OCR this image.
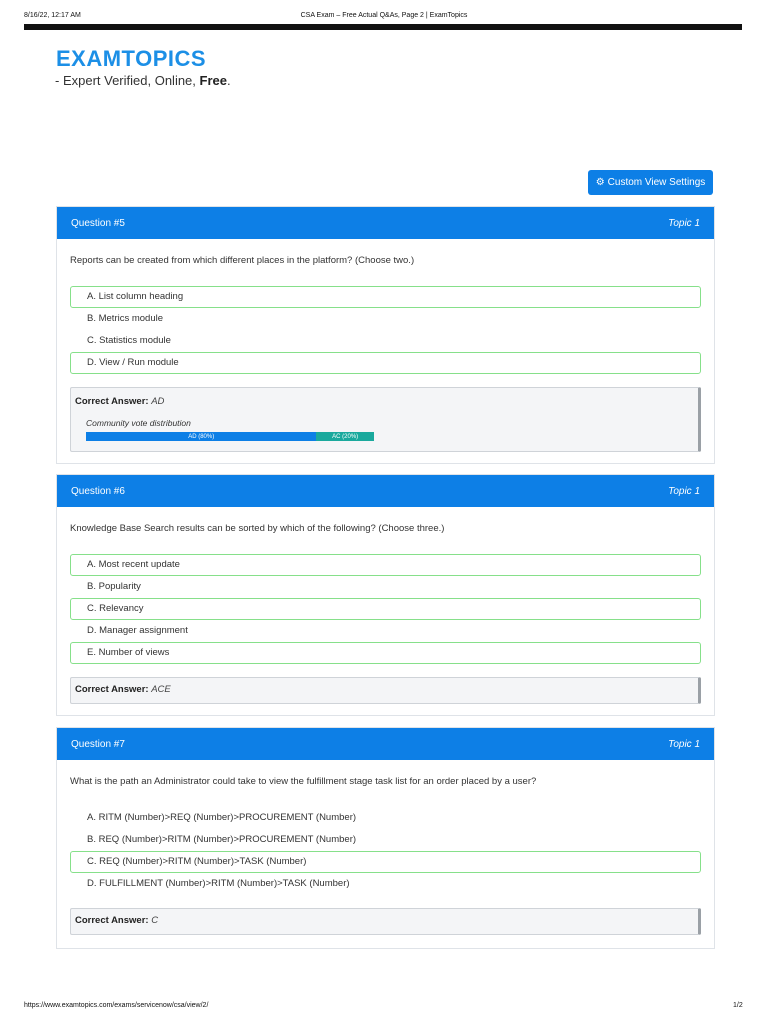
8/16/22, 12:17 AM	CSA Exam – Free Actual Q&As, Page 2 | ExamTopics
EXAMTOPICS
- Expert Verified, Online, Free.
⚙ Custom View Settings
Question #5	Topic 1
Reports can be created from which different places in the platform? (Choose two.)
A. List column heading
B. Metrics module
C. Statistics module
D. View / Run module
Correct Answer: AD
Community vote distribution
AD (80%)	AC (20%)
Question #6	Topic 1
Knowledge Base Search results can be sorted by which of the following? (Choose three.)
A. Most recent update
B. Popularity
C. Relevancy
D. Manager assignment
E. Number of views
Correct Answer: ACE
Question #7	Topic 1
What is the path an Administrator could take to view the fulfillment stage task list for an order placed by a user?
A. RITM (Number)>REQ (Number)>PROCUREMENT (Number)
B. REQ (Number)>RITM (Number)>PROCUREMENT (Number)
C. REQ (Number)>RITM (Number)>TASK (Number)
D. FULFILLMENT (Number)>RITM (Number)>TASK (Number)
Correct Answer: C
https://www.examtopics.com/exams/servicenow/csa/view/2/	1/2
